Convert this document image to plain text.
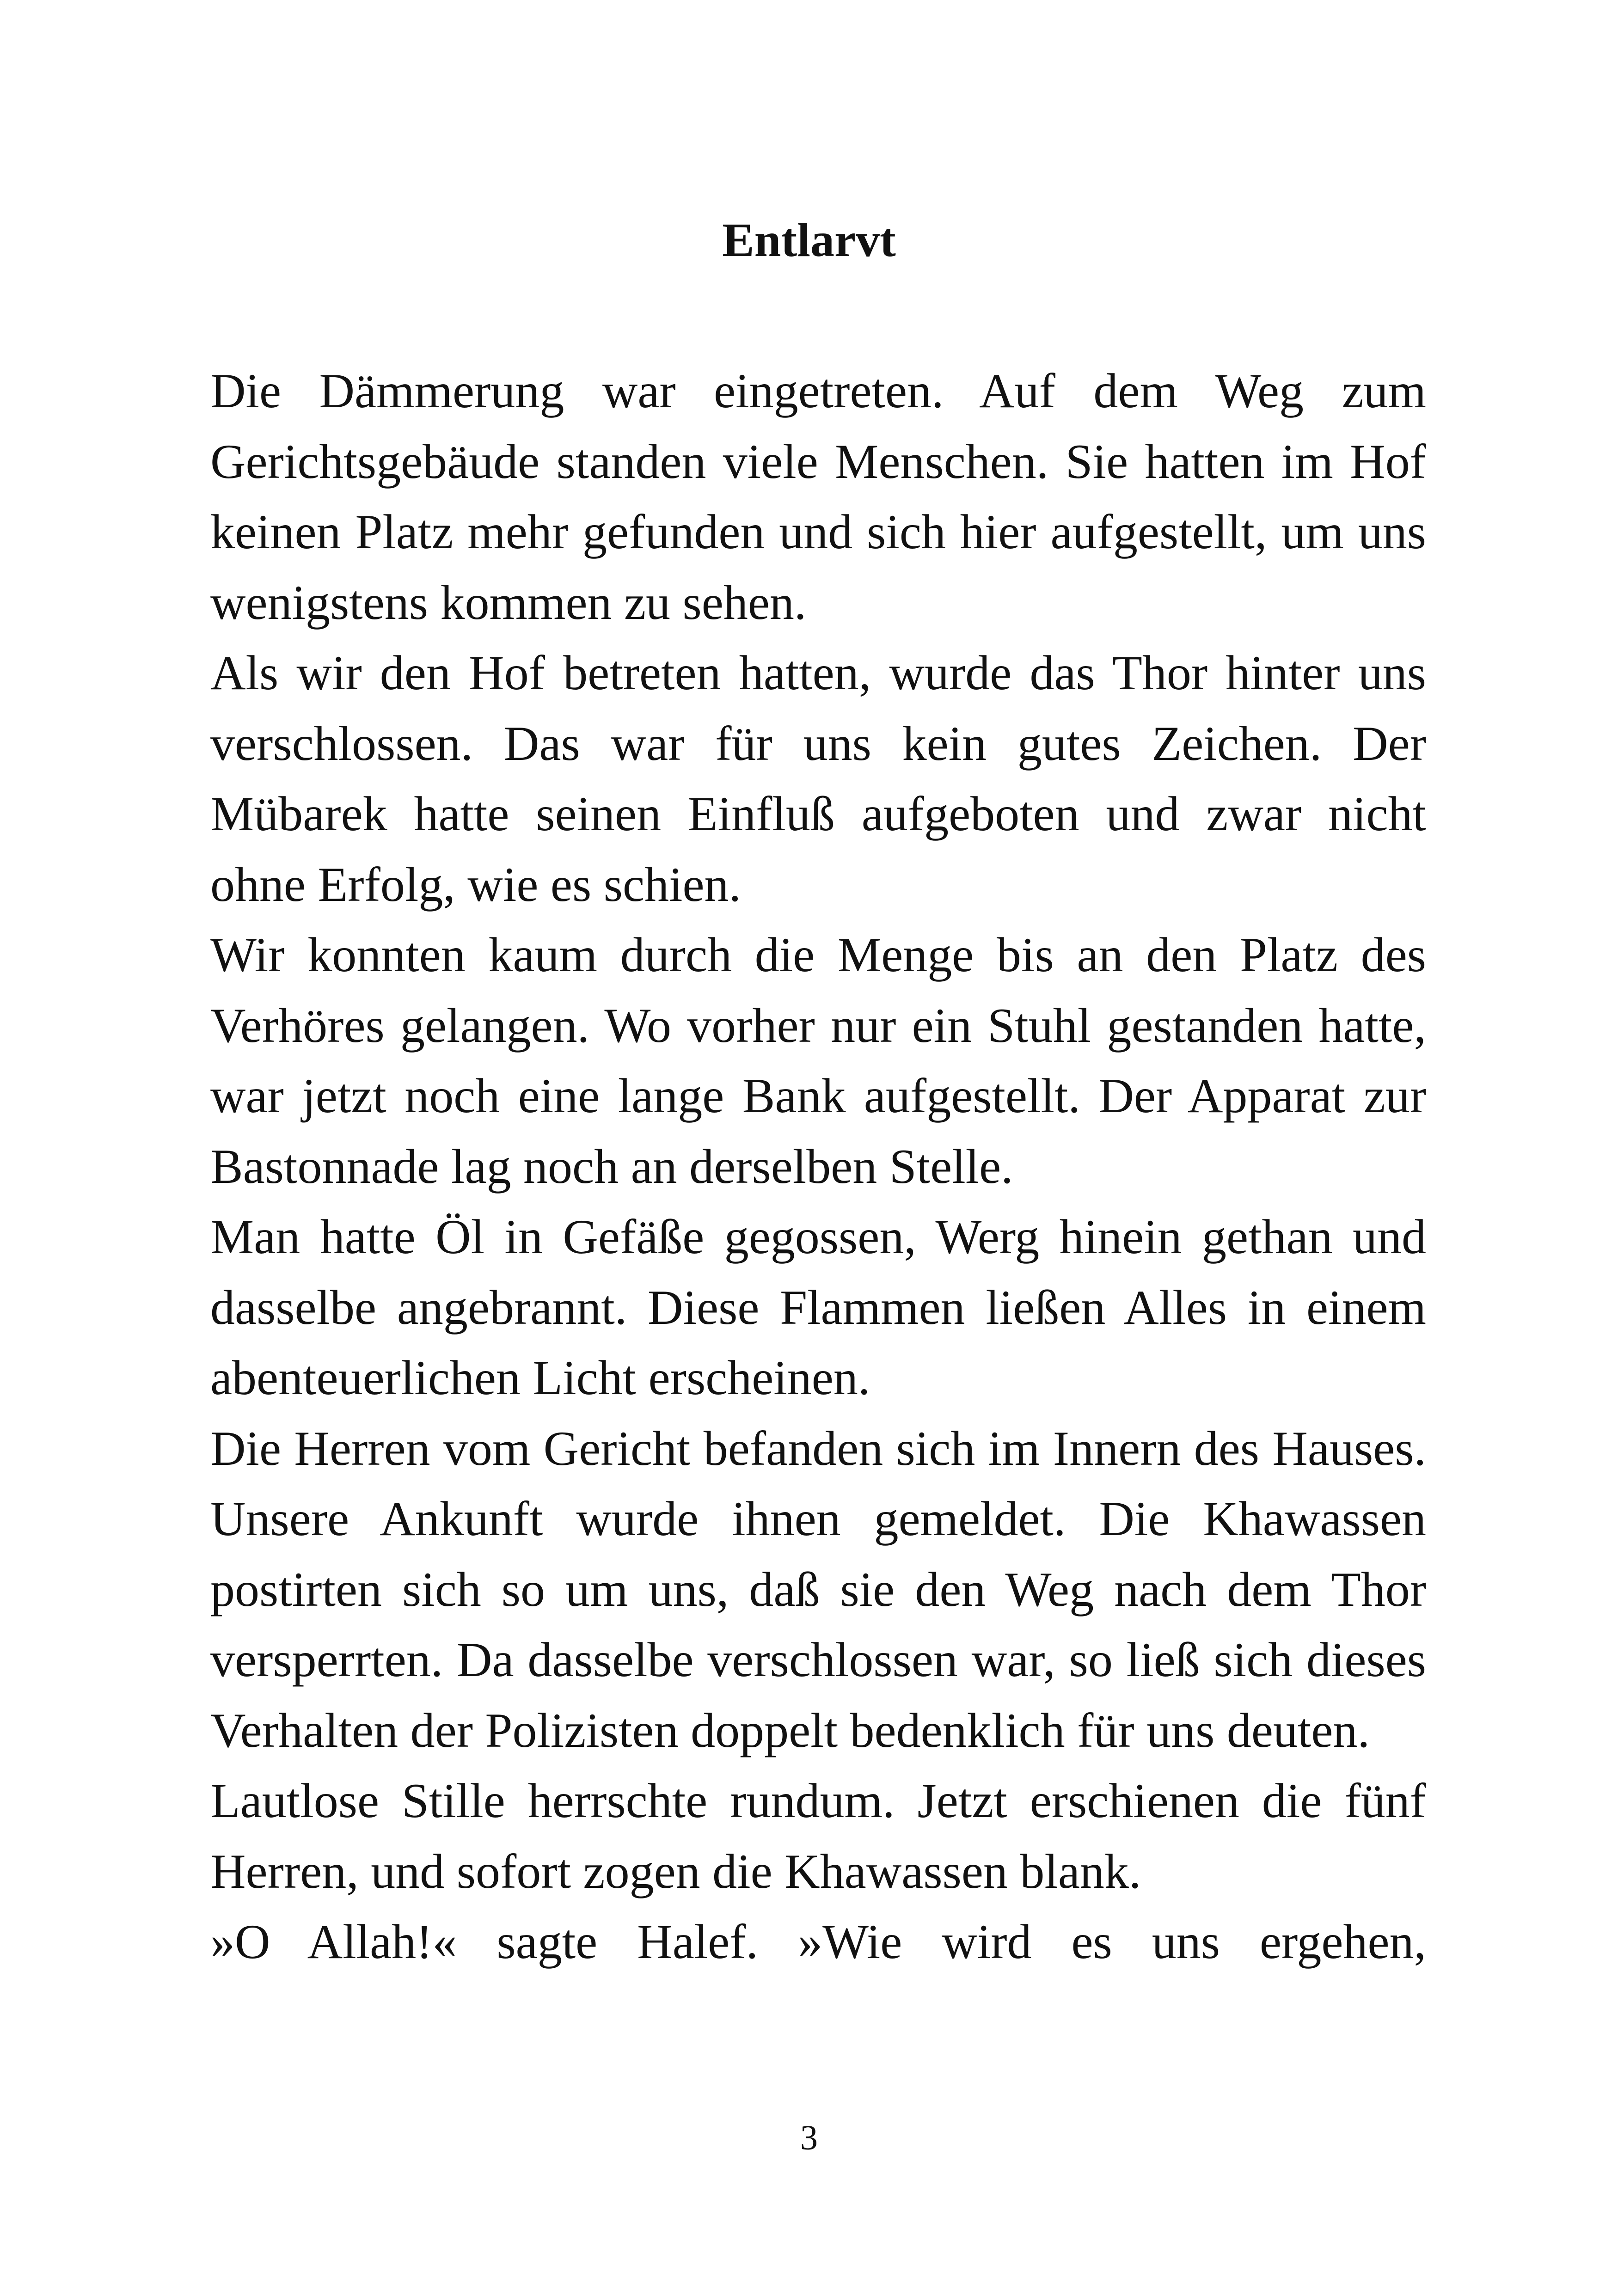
Entlarvt

Die Dämmerung war eingetreten. Auf dem Weg zum Gerichtsgebäude standen viele Menschen. Sie hatten im Hof keinen Platz mehr gefunden und sich hier aufgestellt, um uns wenigstens kommen zu sehen.

Als wir den Hof betreten hatten, wurde das Thor hinter uns verschlossen. Das war für uns kein gutes Zeichen. Der Mübarek hatte seinen Einfluß aufgeboten und zwar nicht ohne Erfolg, wie es schien.

Wir konnten kaum durch die Menge bis an den Platz des Verhöres gelangen. Wo vorher nur ein Stuhl gestanden hatte, war jetzt noch eine lange Bank aufgestellt. Der Apparat zur Bastonnade lag noch an derselben Stelle.

Man hatte Öl in Gefäße gegossen, Werg hinein gethan und dasselbe angebrannt. Diese Flammen ließen Alles in einem abenteuerlichen Licht erscheinen.

Die Herren vom Gericht befanden sich im Innern des Hauses. Unsere Ankunft wurde ihnen gemeldet. Die Khawassen postirten sich so um uns, daß sie den Weg nach dem Thor versperrten. Da dasselbe verschlossen war, so ließ sich dieses Verhalten der Polizisten doppelt bedenklich für uns deuten.

Lautlose Stille herrschte rundum. Jetzt erschienen die fünf Herren, und sofort zogen die Khawassen blank.

»O Allah!« sagte Halef. »Wie wird es uns ergehen,

3
